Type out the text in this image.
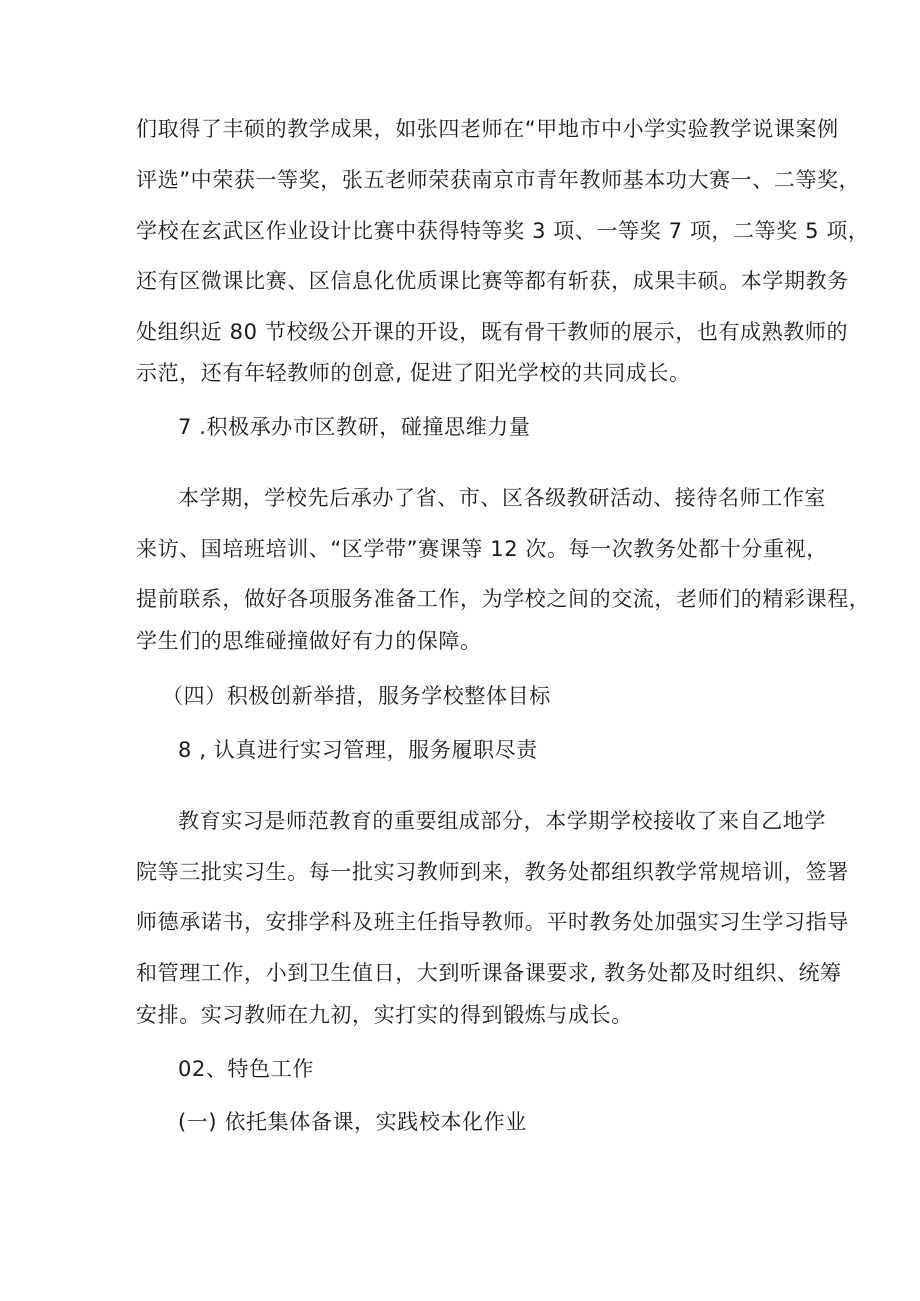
们取得了丰硕的教学成果，如张四老师在“甲地市中小学实验教学说课案例
评选”中荣获一等奖，张五老师荣获南京市青年教师基本功大赛一、二等奖，
学校在玄武区作业设计比赛中获得特等奖 3 项、一等奖 7 项，二等奖 5 项，
还有区微课比赛、区信息化优质课比赛等都有斩获，成果丰硕。本学期教务
处组织近 80 节校级公开课的开设，既有骨干教师的展示，也有成熟教师的
示范，还有年轻教师的创意, 促进了阳光学校的共同成长。
7 .积极承办市区教研，碰撞思维力量
本学期，学校先后承办了省、市、区各级教研活动、接待名师工作室
来访、国培班培训、“区学带”赛课等 12 次。每一次教务处都十分重视，
提前联系，做好各项服务准备工作，为学校之间的交流，老师们的精彩课程，
学生们的思维碰撞做好有力的保障。
（四）积极创新举措，服务学校整体目标
8 , 认真进行实习管理，服务履职尽责
教育实习是师范教育的重要组成部分，本学期学校接收了来自乙地学
院等三批实习生。每一批实习教师到来，教务处都组织教学常规培训，签署
师德承诺书，安排学科及班主任指导教师。平时教务处加强实习生学习指导
和管理工作，小到卫生值日，大到听课备课要求, 教务处都及时组织、统筹
安排。实习教师在九初，实打实的得到锻炼与成长。
02、特色工作
(一) 依托集体备课，实践校本化作业
